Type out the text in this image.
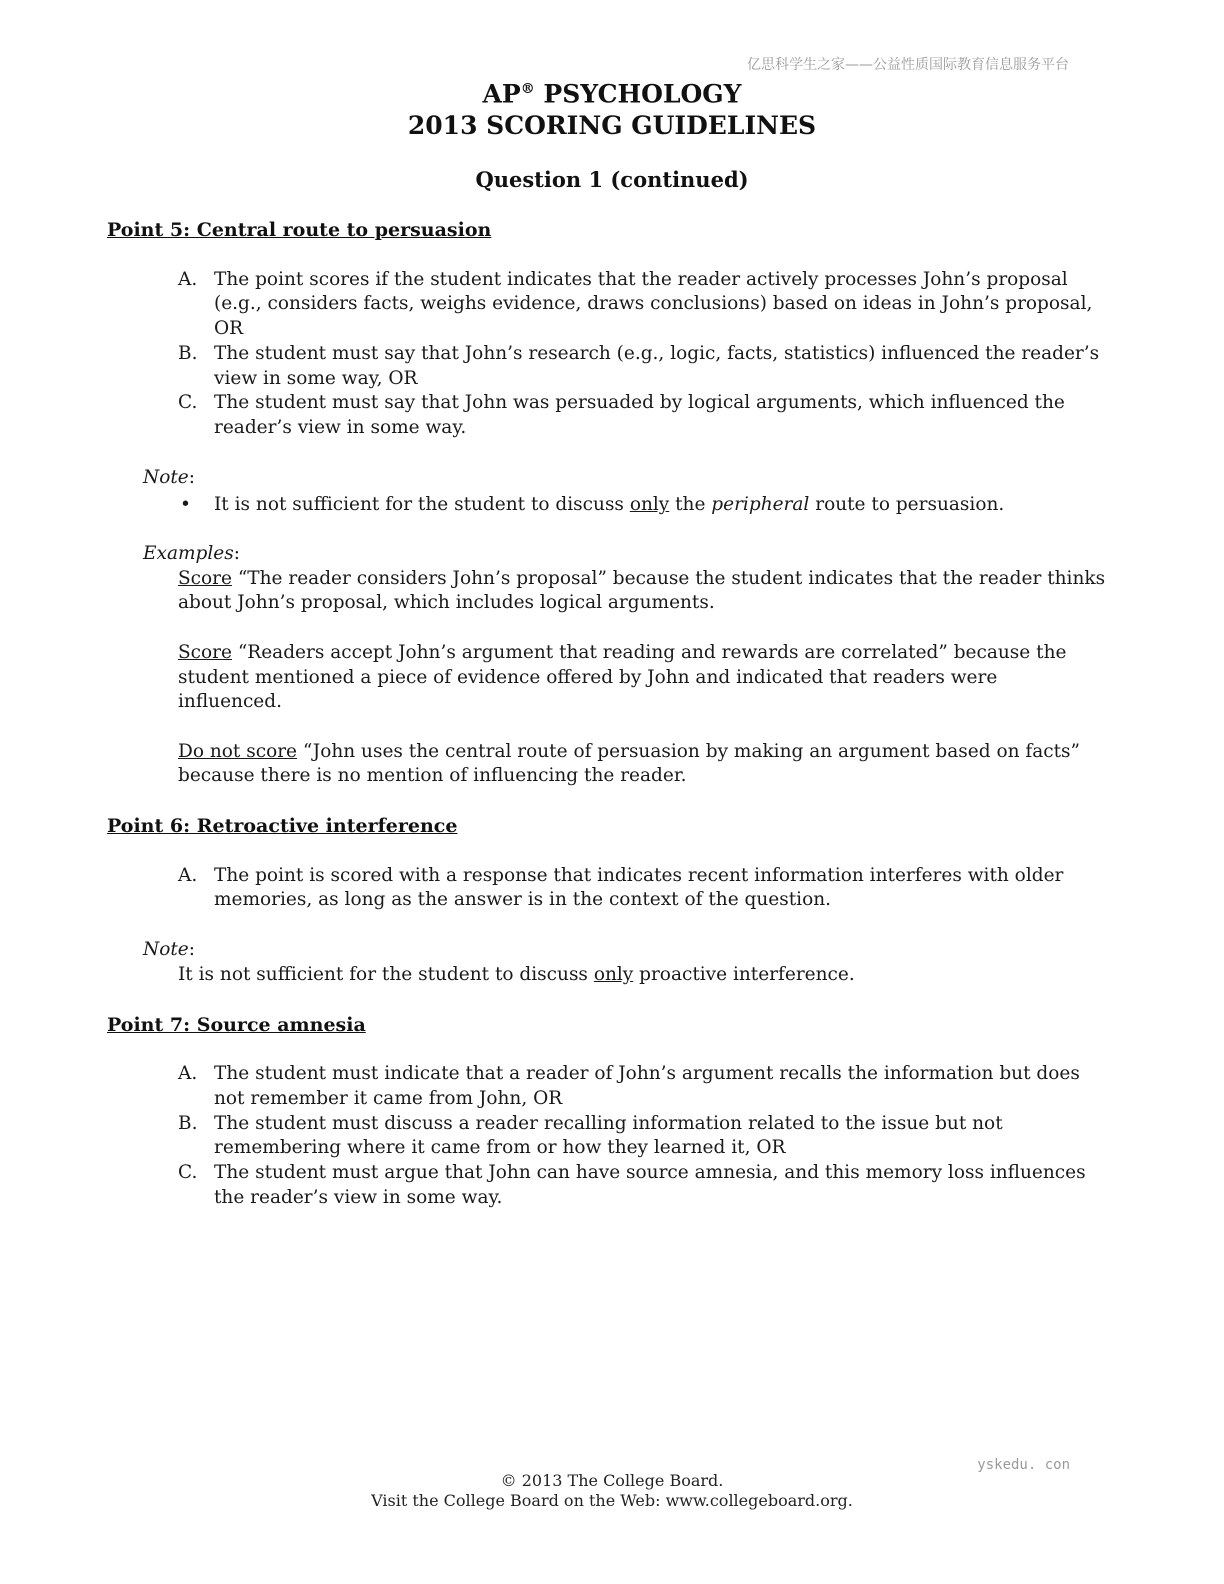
亿思科学生之家——公益性质国际教育信息服务平台
AP® PSYCHOLOGY
2013 SCORING GUIDELINES
Question 1 (continued)
Point 5: Central route to persuasion
A. The point scores if the student indicates that the reader actively processes John’s proposal (e.g., considers facts, weighs evidence, draws conclusions) based on ideas in John’s proposal, OR
B. The student must say that John’s research (e.g., logic, facts, statistics) influenced the reader’s view in some way, OR
C. The student must say that John was persuaded by logical arguments, which influenced the reader’s view in some way.
Note:
• It is not sufficient for the student to discuss only the peripheral route to persuasion.
Examples:
Score “The reader considers John’s proposal” because the student indicates that the reader thinks about John’s proposal, which includes logical arguments.
Score “Readers accept John’s argument that reading and rewards are correlated” because the student mentioned a piece of evidence offered by John and indicated that readers were influenced.
Do not score “John uses the central route of persuasion by making an argument based on facts” because there is no mention of influencing the reader.
Point 6: Retroactive interference
A. The point is scored with a response that indicates recent information interferes with older memories, as long as the answer is in the context of the question.
Note:
It is not sufficient for the student to discuss only proactive interference.
Point 7: Source amnesia
A. The student must indicate that a reader of John’s argument recalls the information but does not remember it came from John, OR
B. The student must discuss a reader recalling information related to the issue but not remembering where it came from or how they learned it, OR
C. The student must argue that John can have source amnesia, and this memory loss influences the reader’s view in some way.
yskedu. con
© 2013 The College Board.
Visit the College Board on the Web: www.collegeboard.org.
